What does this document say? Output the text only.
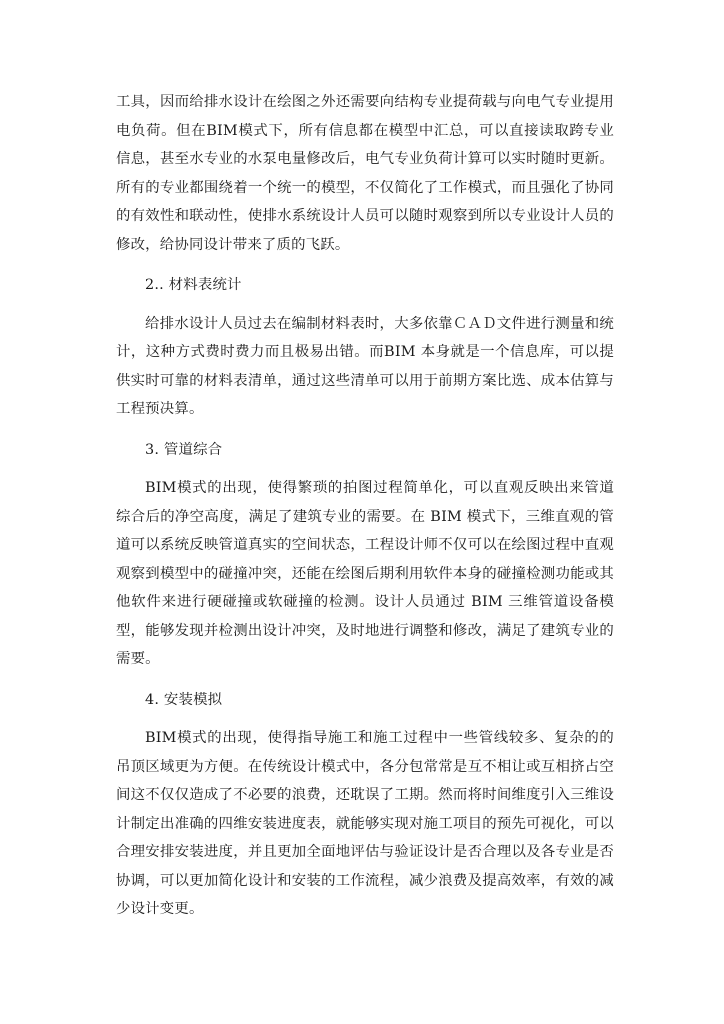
工具，因而给排水设计在绘图之外还需要向结构专业提荷载与向电气专业提用电负荷。但在BIM模式下，所有信息都在模型中汇总，可以直接读取跨专业信息，甚至水专业的水泵电量修改后，电气专业负荷计算可以实时随时更新。所有的专业都围绕着一个统一的模型，不仅简化了工作模式，而且强化了协同的有效性和联动性，使排水系统设计人员可以随时观察到所以专业设计人员的修改，给协同设计带来了质的飞跃。

2.. 材料表统计

给排水设计人员过去在编制材料表时，大多依靠ＣＡＤ文件进行测量和统计，这种方式费时费力而且极易出错。而BIM 本身就是一个信息库，可以提供实时可靠的材料表清单，通过这些清单可以用于前期方案比选、成本估算与工程预决算。

3. 管道综合

BIM模式的出现，使得繁琐的拍图过程简单化，可以直观反映出来管道综合后的净空高度，满足了建筑专业的需要。在 BIM 模式下，三维直观的管道可以系统反映管道真实的空间状态，工程设计师不仅可以在绘图过程中直观观察到模型中的碰撞冲突，还能在绘图后期利用软件本身的碰撞检测功能或其他软件来进行硬碰撞或软碰撞的检测。设计人员通过 BIM 三维管道设备模型，能够发现并检测出设计冲突，及时地进行调整和修改，满足了建筑专业的需要。

4. 安装模拟

BIM模式的出现，使得指导施工和施工过程中一些管线较多、复杂的的吊顶区域更为方便。在传统设计模式中，各分包常常是互不相让或互相挤占空间这不仅仅造成了不必要的浪费，还耽误了工期。然而将时间维度引入三维设计制定出准确的四维安装进度表，就能够实现对施工项目的预先可视化，可以合理安排安装进度，并且更加全面地评估与验证设计是否合理以及各专业是否协调，可以更加简化设计和安装的工作流程，减少浪费及提高效率，有效的减少设计变更。
